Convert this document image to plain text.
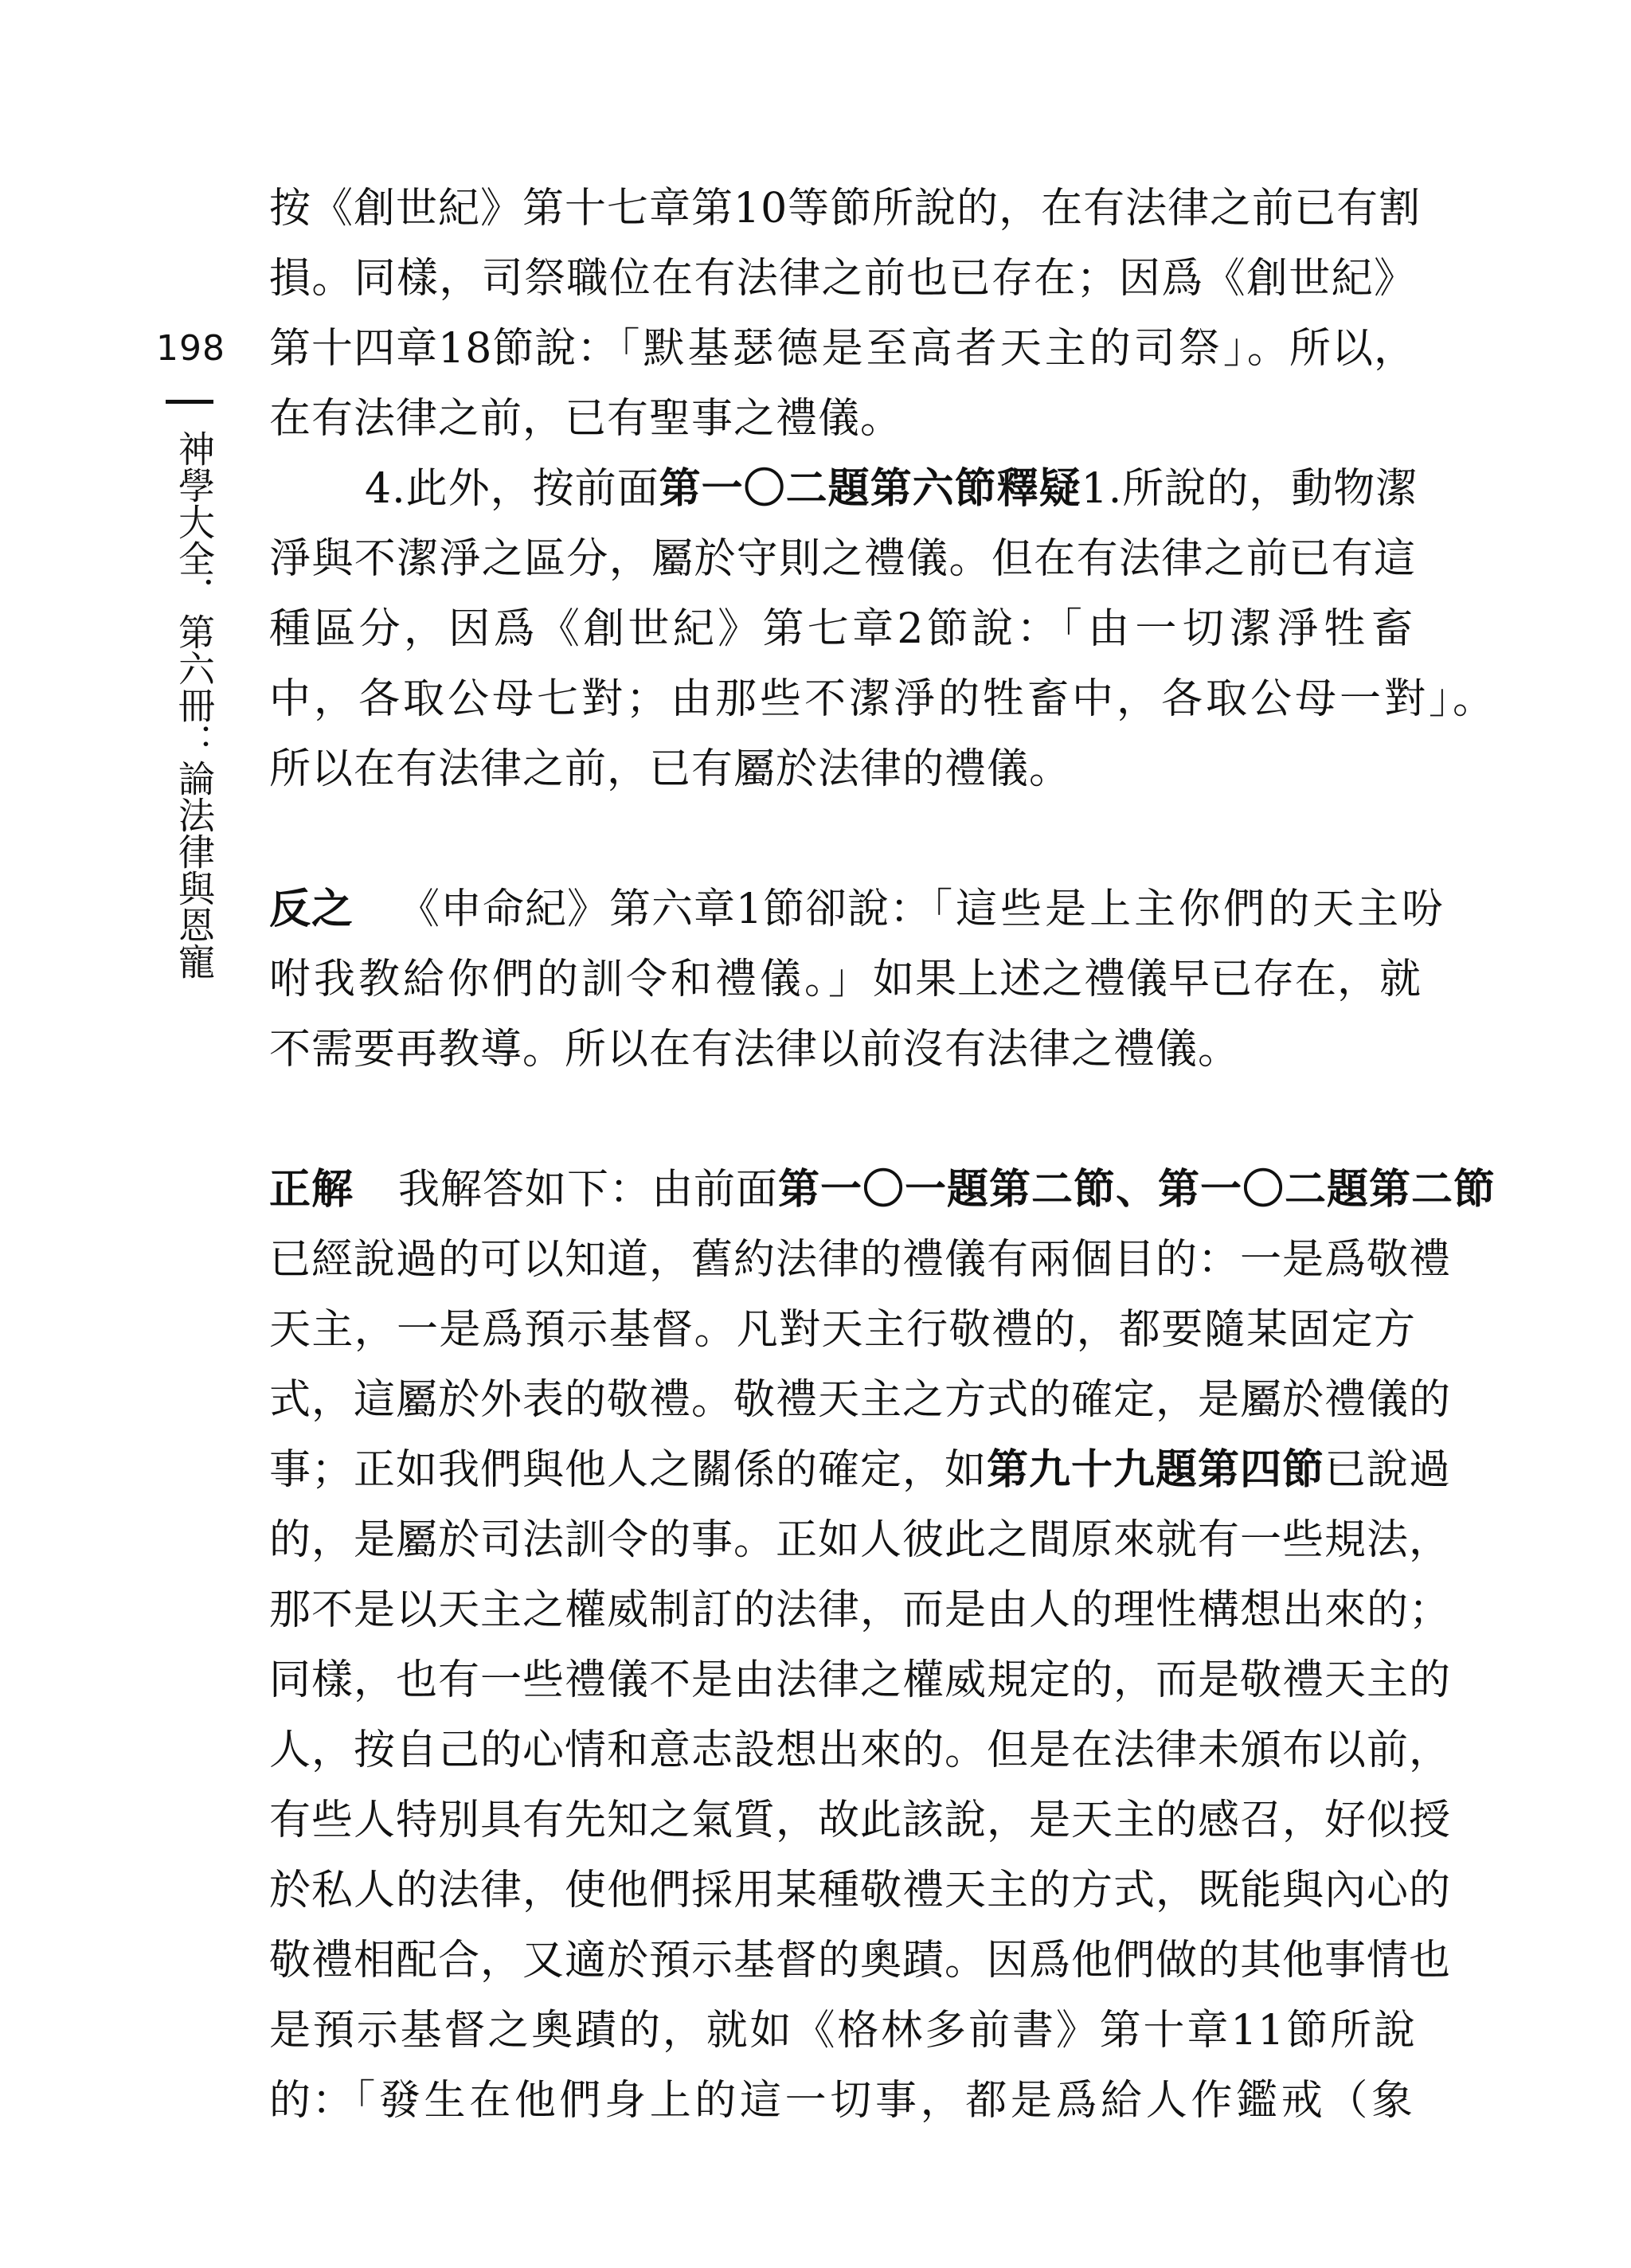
198
神學大全．第六冊：論法律與恩寵
按《創世紀》第十七章第10等節所說的，在有法律之前已有割
損。同樣，司祭職位在有法律之前也已存在；因爲《創世紀》
第十四章18節說：「默基瑟德是至高者天主的司祭」。所以，
在有法律之前，已有聖事之禮儀。
4.此外，按前面第一〇二題第六節釋疑1.所說的，動物潔
淨與不潔淨之區分，屬於守則之禮儀。但在有法律之前已有這
種區分，因爲《創世紀》第七章2節說：「由一切潔淨牲畜
中，各取公母七對；由那些不潔淨的牲畜中，各取公母一對」。
所以在有法律之前，已有屬於法律的禮儀。
反之 《申命紀》第六章1節卻說：「這些是上主你們的天主吩
咐我教給你們的訓令和禮儀。」如果上述之禮儀早已存在，就
不需要再教導。所以在有法律以前沒有法律之禮儀。
正解 我解答如下：由前面第一〇一題第二節、第一〇二題第二節
已經說過的可以知道，舊約法律的禮儀有兩個目的：一是爲敬禮
天主，一是爲預示基督。凡對天主行敬禮的，都要隨某固定方
式，這屬於外表的敬禮。敬禮天主之方式的確定，是屬於禮儀的
事；正如我們與他人之關係的確定，如第九十九題第四節已說過
的，是屬於司法訓令的事。正如人彼此之間原來就有一些規法，
那不是以天主之權威制訂的法律，而是由人的理性構想出來的；
同樣，也有一些禮儀不是由法律之權威規定的，而是敬禮天主的
人，按自己的心情和意志設想出來的。但是在法律未頒布以前，
有些人特別具有先知之氣質，故此該說，是天主的感召，好似授
於私人的法律，使他們採用某種敬禮天主的方式，既能與內心的
敬禮相配合，又適於預示基督的奧蹟。因爲他們做的其他事情也
是預示基督之奧蹟的，就如《格林多前書》第十章11節所說
的：「發生在他們身上的這一切事，都是爲給人作鑑戒（象
